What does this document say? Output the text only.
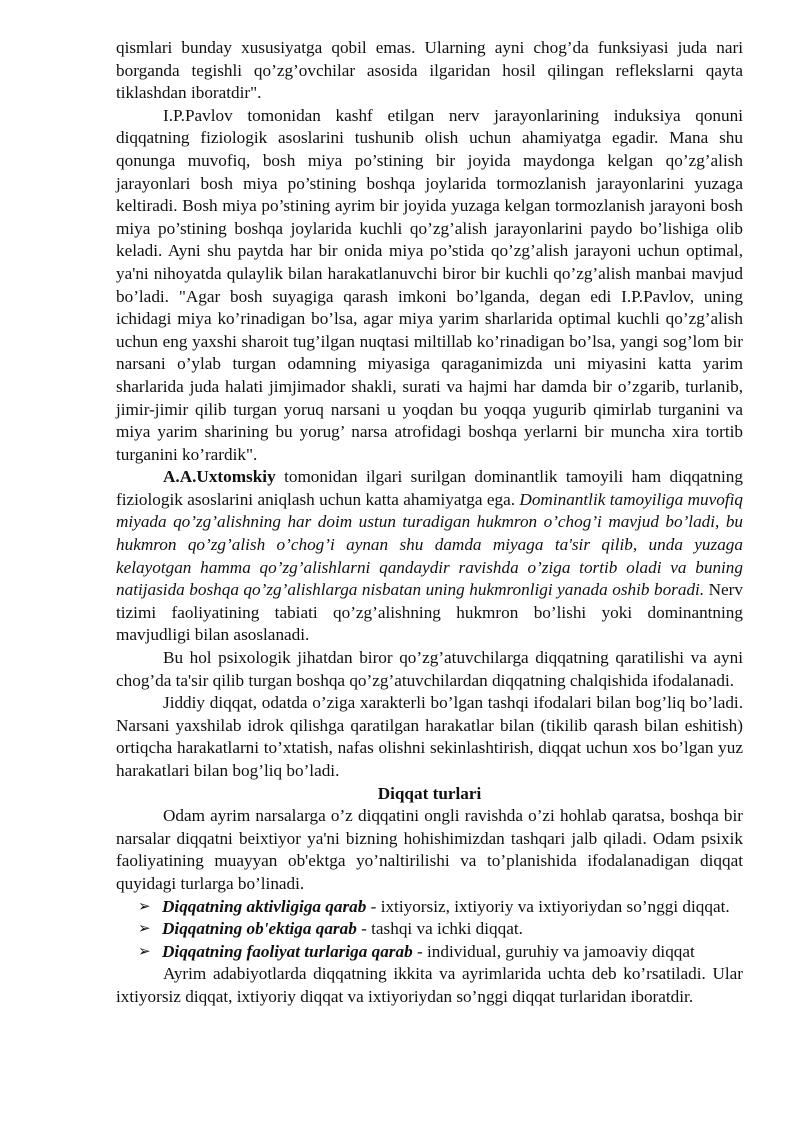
qismlari bunday xususiyatga qobil emas. Ularning ayni chog’da funksiyasi juda nari borganda tegishli qo’zg’ovchilar asosida ilgaridan hosil qilingan reflekslarni qayta tiklashdan iboratdir".

I.P.Pavlov tomonidan kashf etilgan nerv jarayonlarining induksiya qonuni diqqatning fiziologik asoslarini tushunib olish uchun ahamiyatga egadir. Mana shu qonunga muvofiq, bosh miya po’stining bir joyida maydonga kelgan qo’zg’alish jarayonlari bosh miya po’stining boshqa joylarida tormozlanish jarayonlarini yuzaga keltiradi. Bosh miya po’stining ayrim bir joyida yuzaga kelgan tormozlanish jarayoni bosh miya po’stining boshqa joylarida kuchli qo’zg’alish jarayonlarini paydo bo’lishiga olib keladi. Ayni shu paytda har bir onida miya po’stida qo’zg’alish jarayoni uchun optimal, ya'ni nihoyatda qulaylik bilan harakatlanuvchi biror bir kuchli qo’zg’alish manbai mavjud bo’ladi. "Agar bosh suyagiga qarash imkoni bo’lganda, degan edi I.P.Pavlov, uning ichidagi miya ko’rinadigan bo’lsa, agar miya yarim sharlarida optimal kuchli qo’zg’alish uchun eng yaxshi sharoit tug’ilgan nuqtasi miltillab ko’rinadigan bo’lsa, yangi sog’lom bir narsani o’ylab turgan odamning miyasiga qaraganimizda uni miyasini katta yarim sharlarida juda halati jimjimador shakli, surati va hajmi har damda bir o’zgarib, turlanib, jimir-jimir qilib turgan yoruq narsani u yoqdan bu yoqqa yugurib qimirlab turganini va miya yarim sharining bu yorug’ narsa atrofidagi boshqa yerlarni bir muncha xira tortib turganini ko’rardik".

A.A.Uxtomskiy tomonidan ilgari surilgan dominantlik tamoyili ham diqqatning fiziologik asoslarini aniqlash uchun katta ahamiyatga ega. Dominantlik tamoyiliga muvofiq miyada qo’zg’alishning har doim ustun turadigan hukmron o’chog’i mavjud bo’ladi, bu hukmron qo’zg’alish o’chog’i aynan shu damda miyaga ta'sir qilib, unda yuzaga kelayotgan hamma qo’zg’alishlarni qandaydir ravishda o’ziga tortib oladi va buning natijasida boshqa qo’zg’alishlarga nisbatan uning hukmronligi yanada oshib boradi. Nerv tizimi faoliyatining tabiati qo’zg’alishning hukmron bo’lishi yoki dominantning mavjudligi bilan asoslanadi.

Bu hol psixologik jihatdan biror qo’zg’atuvchilarga diqqatning qaratilishi va ayni chog’da ta'sir qilib turgan boshqa qo’zg’atuvchilardan diqqatning chalqishida ifodalanadi.

Jiddiy diqqat, odatda o’ziga xarakterli bo’lgan tashqi ifodalari bilan bog’liq bo’ladi. Narsani yaxshilab idrok qilishga qaratilgan harakatlar bilan (tikilib qarash bilan eshitish) ortiqcha harakatlarni to’xtatish, nafas olishni sekinlashtirish, diqqat uchun xos bo’lgan yuz harakatlari bilan bog’liq bo’ladi.

Diqqat turlari

Odam ayrim narsalarga o’z diqqatini ongli ravishda o’zi hohlab qaratsa, boshqa bir narsalar diqqatni beixtiyor ya'ni bizning hohishimizdan tashqari jalb qiladi. Odam psixik faoliyatining muayyan ob'ektga yo’naltirilishi va to’planishida ifodalanadigan diqqat quyidagi turlarga bo’linadi.

➢ Diqqatning aktivligiga qarab - ixtiyorsiz, ixtiyoriy va ixtiyoriydan so’nggi diqqat.
➢ Diqqatning ob'ektiga qarab - tashqi va ichki diqqat.
➢ Diqqatning faoliyat turlariga qarab - individual, guruhiy va jamoaviy diqqat

Ayrim adabiyotlarda diqqatning ikkita va ayrimlarida uchta deb ko’rsatiladi. Ular ixtiyorsiz diqqat, ixtiyoriy diqqat va ixtiyoriydan so’nggi diqqat turlaridan iboratdir.
